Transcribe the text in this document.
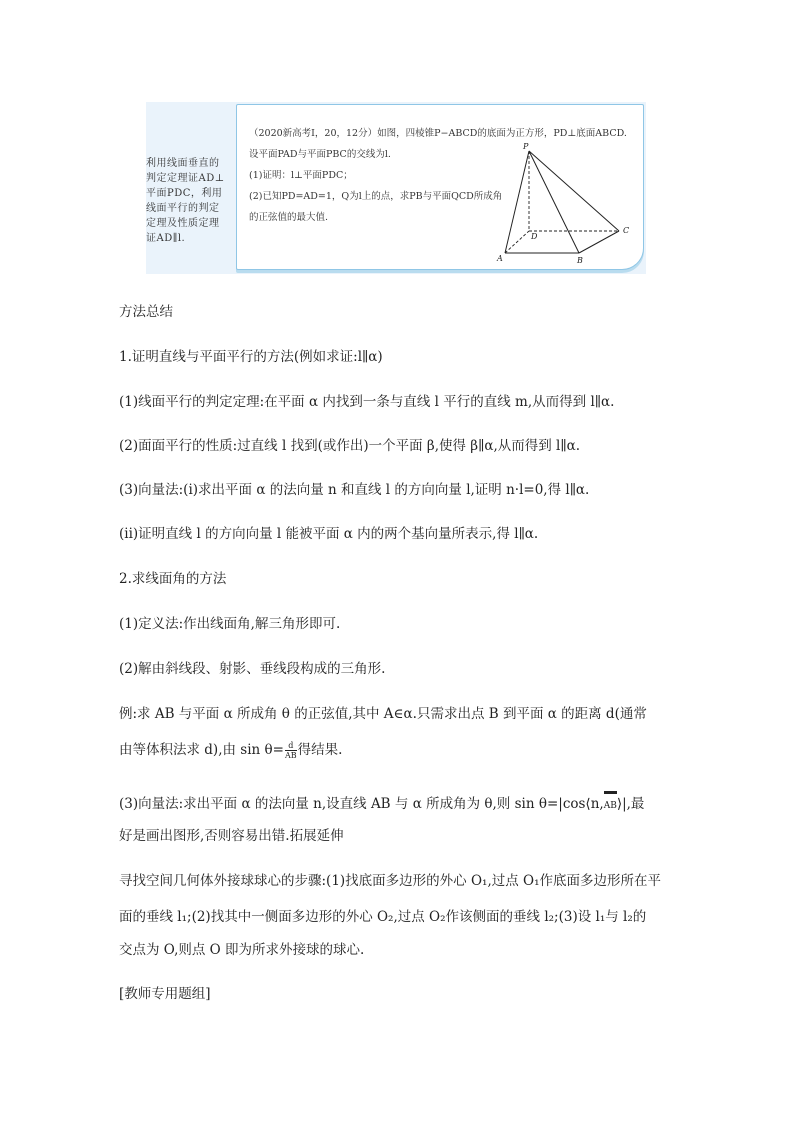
利用线面垂直的
判定定理证AD⊥
平面PDC，利用
线面平行的判定
定理及性质定理
证AD∥l.
（2020新高考Ⅰ，20，12分）如图，四棱锥P−ABCD的底面为正方形，PD⊥底面ABCD.
设平面PAD与平面PBC的交线为l.
(1)证明：l⊥平面PDC；
(2)已知PD=AD=1，Q为l上的点，求PB与平面QCD所成角
的正弦值的最大值.
P
D
A	B
C
方法总结
1.证明直线与平面平行的方法(例如求证:l∥α)
(1)线面平行的判定定理:在平面 α 内找到一条与直线 l 平行的直线 m,从而得到 l∥α.
(2)面面平行的性质:过直线 l 找到(或作出)一个平面 β,使得 β∥α,从而得到 l∥α.
(3)向量法:(i)求出平面 α 的法向量 n 和直线 l 的方向向量 l,证明 n·l=0,得 l∥α.
(ii)证明直线 l 的方向向量 l 能被平面 α 内的两个基向量所表示,得 l∥α.
2.求线面角的方法
(1)定义法:作出线面角,解三角形即可.
(2)解由斜线段、射影、垂线段构成的三角形.
例:求 AB 与平面 α 所成角 θ 的正弦值,其中 A∈α.只需求出点 B 到平面 α 的距离 d(通常
由等体积法求 d),由 $\sin \theta= \frac{d}{AB}$ 得结果.
(3)向量法:求出平面 α 的法向量 n,设直线 AB 与 α 所成角为 θ,则 sin θ=|cos⟨n,
AB⟩|,最
好是画出图形,否则容易出错.拓展延伸
寻找空间几何体外接球球心的步骤:(1)找底面多边形的外心 O₁,过点 O₁作底面多边形所在平
面的垂线 l₁;(2)找其中一侧面多边形的外心 O₂,过点 O₂作该侧面的垂线 l₂;(3)设 l₁与 l₂的
交点为 O,则点 O 即为所求外接球的球心.
[教师专用题组]
